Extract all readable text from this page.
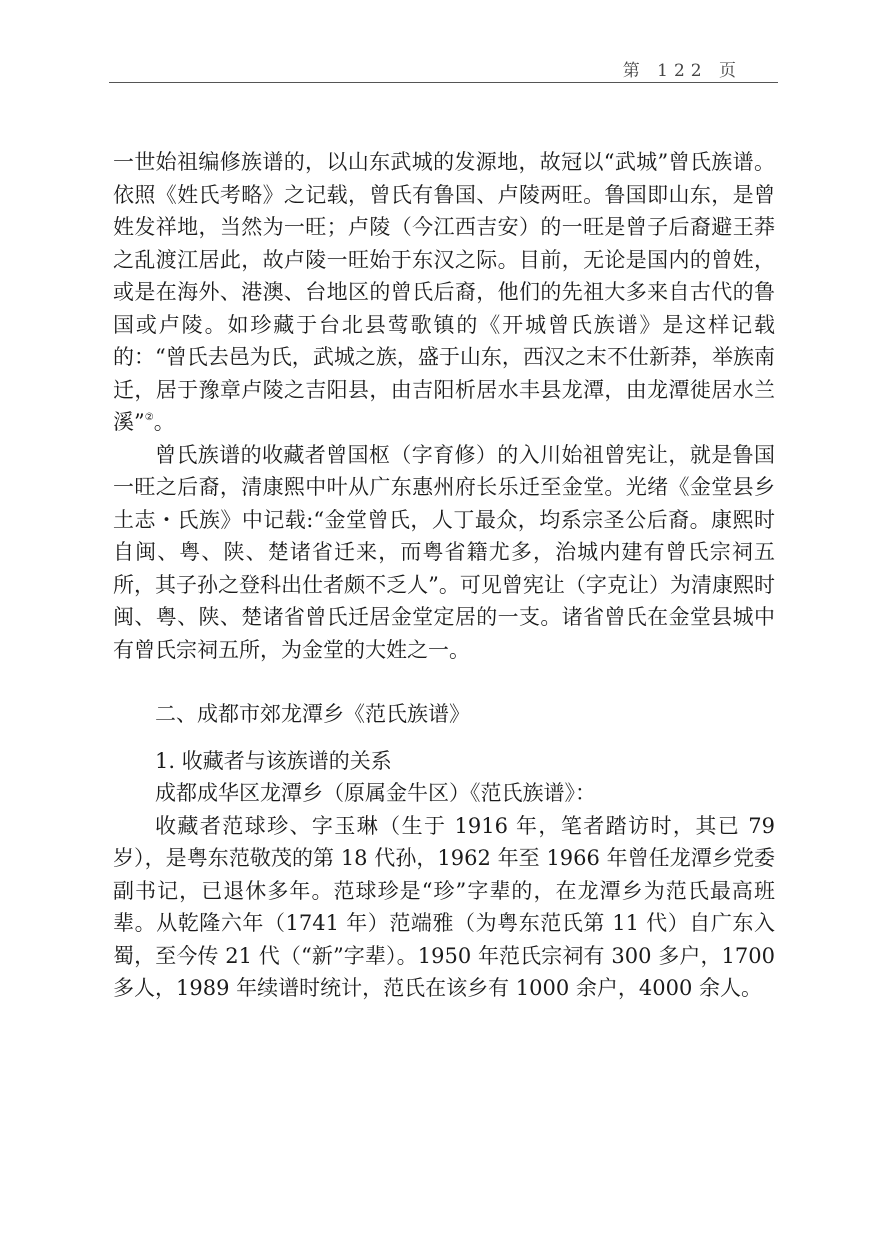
第 122 页

一世始祖编修族谱的，以山东武城的发源地，故冠以“武城”曾氏族谱。依照《姓氏考略》之记载，曾氏有鲁国、卢陵两旺。鲁国即山东，是曾姓发祥地，当然为一旺；卢陵（今江西吉安）的一旺是曾子后裔避王莽之乱渡江居此，故卢陵一旺始于东汉之际。目前，无论是国内的曾姓，或是在海外、港澳、台地区的曾氏后裔，他们的先祖大多来自古代的鲁国或卢陵。如珍藏于台北县莺歌镇的《开城曾氏族谱》是这样记载的：“曾氏去邑为氏，武城之族，盛于山东，西汉之末不仕新莽，举族南迁，居于豫章卢陵之吉阳县，由吉阳析居水丰县龙潭，由龙潭徙居水兰溪”②。

曾氏族谱的收藏者曾国枢（字育修）的入川始祖曾宪让，就是鲁国一旺之后裔，清康熙中叶从广东惠州府长乐迁至金堂。光绪《金堂县乡土志・氏族》中记载:“金堂曾氏，人丁最众，均系宗圣公后裔。康熙时自闽、粤、陕、楚诸省迁来，而粤省籍尤多，治城内建有曾氏宗祠五所，其子孙之登科出仕者颇不乏人”。可见曾宪让（字克让）为清康熙时闽、粤、陕、楚诸省曾氏迁居金堂定居的一支。诸省曾氏在金堂县城中有曾氏宗祠五所，为金堂的大姓之一。

二、成都市郊龙潭乡《范氏族谱》

1. 收藏者与该族谱的关系

成都成华区龙潭乡（原属金牛区）《范氏族谱》：

收藏者范球珍、字玉琳（生于 1916 年，笔者踏访时，其已 79 岁），是粤东范敬茂的第 18 代孙，1962 年至 1966 年曾任龙潭乡党委副书记，已退休多年。范球珍是“珍”字辈的，在龙潭乡为范氏最高班辈。从乾隆六年（1741 年）范端雅（为粤东范氏第 11 代）自广东入蜀，至今传 21 代（“新”字辈）。1950 年范氏宗祠有 300 多户，1700 多人，1989 年续谱时统计，范氏在该乡有 1000 余户，4000 余人。
